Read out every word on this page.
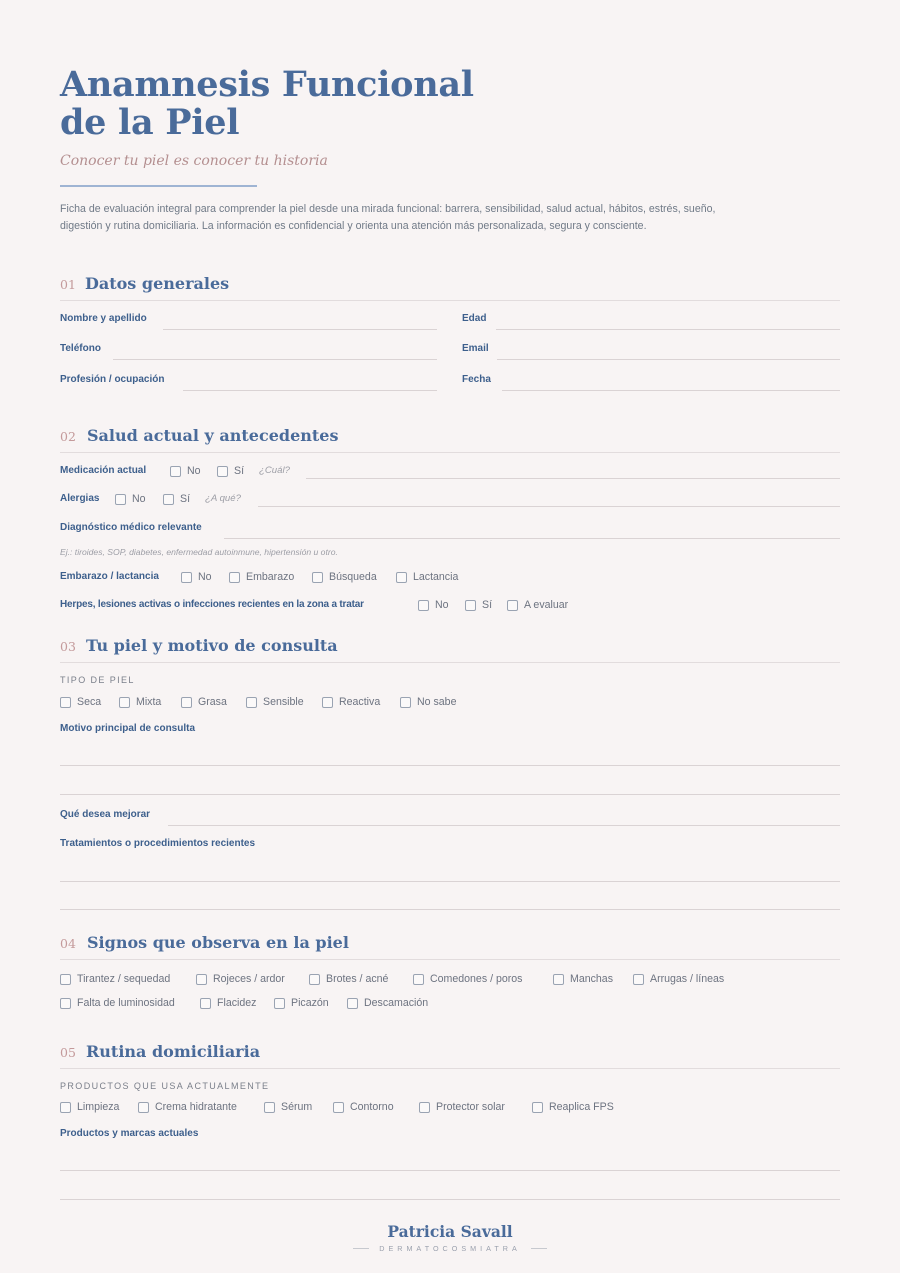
Anamnesis Funcional
de la Piel
Conocer tu piel es conocer tu historia

Ficha de evaluación integral para comprender la piel desde una mirada funcional: barrera, sensibilidad, salud actual, hábitos, estrés, sueño, digestión y rutina domiciliaria. La información es confidencial y orienta una atención más personalizada, segura y consciente.

01 Datos generales
Nombre y apellido	Edad
Teléfono	Email
Profesión / ocupación	Fecha
02 Salud actual y antecedentes
Medicación actual	No	Sí ¿Cuál?
Alergias	No	Sí ¿A qué?
Diagnóstico médico relevante
Ej.: tiroides, SOP, diabetes, enfermedad autoinmune, hipertensión u otro.
Embarazo / lactancia	No	Embarazo	Búsqueda	Lactancia
Herpes, lesiones activas o infecciones recientes en la zona a tratar	No	Sí	A evaluar
03 Tu piel y motivo de consulta
TIPO DE PIEL
Seca	Mixta	Grasa	Sensible	Reactiva	No sabe
Motivo principal de consulta
Qué desea mejorar
Tratamientos o procedimientos recientes
04 Signos que observa en la piel
Tirantez / sequedad	Rojeces / ardor	Brotes / acné	Comedones / poros	Manchas	Arrugas / líneas
Falta de luminosidad	Flacidez	Picazón	Descamación
05 Rutina domiciliaria
PRODUCTOS QUE USA ACTUALMENTE
Limpieza	Crema hidratante	Sérum	Contorno	Protector solar	Reaplica FPS
Productos y marcas actuales
Patricia Savall
DERMATOCOSMIATRA
